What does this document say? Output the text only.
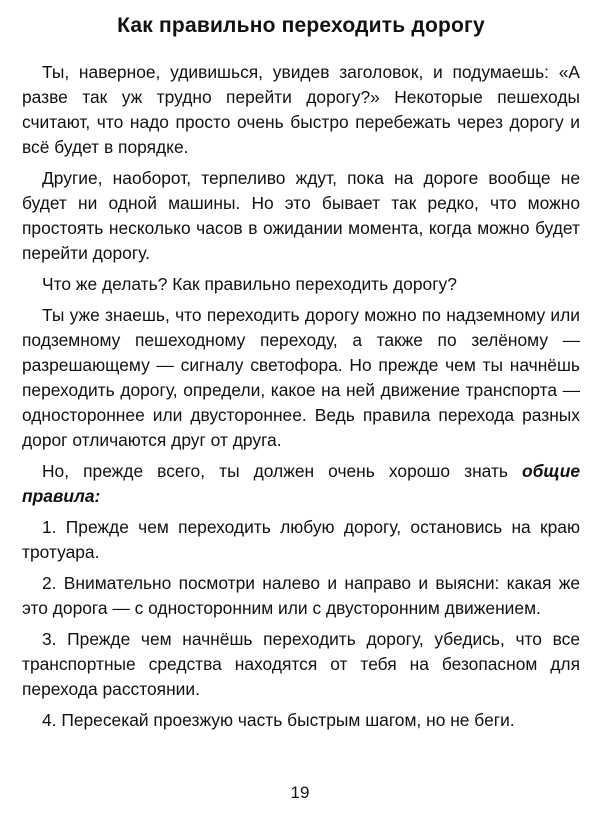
Как правильно переходить дорогу

Ты, наверное, удивишься, увидев заголовок, и подумаешь: «А разве так уж трудно перейти дорогу?» Некоторые пешеходы считают, что надо просто очень быстро перебежать через дорогу и всё будет в порядке.

Другие, наоборот, терпеливо ждут, пока на дороге вообще не будет ни одной машины. Но это бывает так редко, что можно простоять несколько часов в ожидании момента, когда можно будет перейти дорогу.

Что же делать? Как правильно переходить дорогу?

Ты уже знаешь, что переходить дорогу можно по надземному или подземному пешеходному переходу, а также по зелёному — разрешающему — сигналу светофора. Но прежде чем ты начнёшь переходить дорогу, определи, какое на ней движение транспорта — одностороннее или двустороннее. Ведь правила перехода разных дорог отличаются друг от друга.

Но, прежде всего, ты должен очень хорошо знать общие правила:

1. Прежде чем переходить любую дорогу, остановись на краю тротуара.

2. Внимательно посмотри налево и направо и выясни: какая же это дорога — с односторонним или с двусторонним движением.

3. Прежде чем начнёшь переходить дорогу, убедись, что все транспортные средства находятся от тебя на безопасном для перехода расстоянии.

4. Пересекай проезжую часть быстрым шагом, но не беги.

19
